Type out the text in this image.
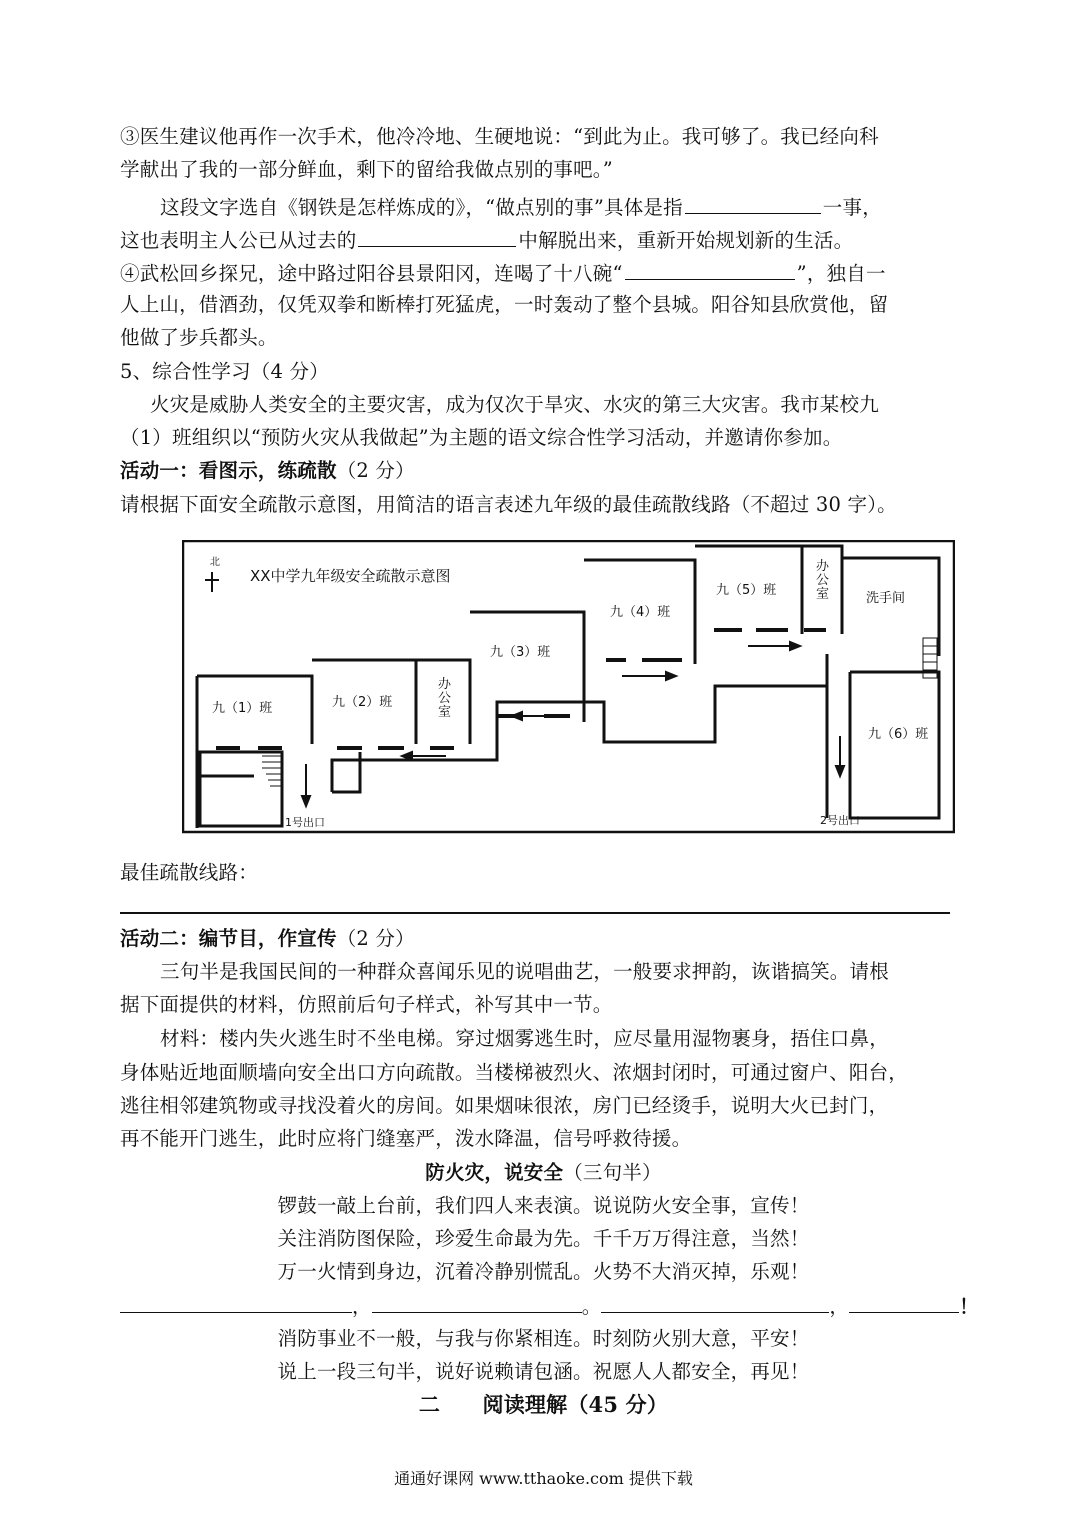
③医生建议他再作一次手术，他冷冷地、生硬地说：“到此为止。我可够了。我已经向科
学献出了我的一部分鲜血，剩下的留给我做点别的事吧。”
这段文字选自《钢铁是怎样炼成的》，“做点别的事”具体是指	一事，
这也表明主人公已从过去的	中解脱出来，重新开始规划新的生活。
④武松回乡探兄，途中路过阳谷县景阳冈，连喝了十八碗“	”，独自一
人上山，借酒劲，仅凭双拳和断棒打死猛虎，一时轰动了整个县城。阳谷知县欣赏他，留
他做了步兵都头。
5、综合性学习（4 分）
火灾是威胁人类安全的主要灾害，成为仅次于旱灾、水灾的第三大灾害。我市某校九
（1）班组织以“预防火灾从我做起”为主题的语文综合性学习活动，并邀请你参加。
活动一：看图示，练疏散（2 分）
请根据下面安全疏散示意图，用简洁的语言表述九年级的最佳疏散线路（不超过 30 字）。
北
XX中学九年级安全疏散示意图
九（1）班	九（2）班
办
公
室
九（3）班
九（4）班
九（5）班
办
公
室	洗手间
九（6）班
1号出口	2号出口
最佳疏散线路：
活动二：编节目，作宣传（2 分）
三句半是我国民间的一种群众喜闻乐见的说唱曲艺，一般要求押韵，诙谐搞笑。请根
据下面提供的材料，仿照前后句子样式，补写其中一节。
材料：楼内失火逃生时不坐电梯。穿过烟雾逃生时，应尽量用湿物裹身，捂住口鼻，
身体贴近地面顺墙向安全出口方向疏散。当楼梯被烈火、浓烟封闭时，可通过窗户、阳台，
逃往相邻建筑物或寻找没着火的房间。如果烟味很浓，房门已经烫手，说明大火已封门，
再不能开门逃生，此时应将门缝塞严，泼水降温，信号呼救待援。
防火灾，说安全（三句半）
锣鼓一敲上台前，我们四人来表演。说说防火安全事，宣传！
关注消防图保险，珍爱生命最为先。千千万万得注意，当然！
万一火情到身边，沉着冷静别慌乱。火势不大消灭掉，乐观！
，	。	，	！
消防事业不一般，与我与你紧相连。时刻防火别大意，平安！
说上一段三句半，说好说赖请包涵。祝愿人人都安全，再见！
二　　阅读理解（45 分）
通通好课网 www.tthaoke.com 提供下载
